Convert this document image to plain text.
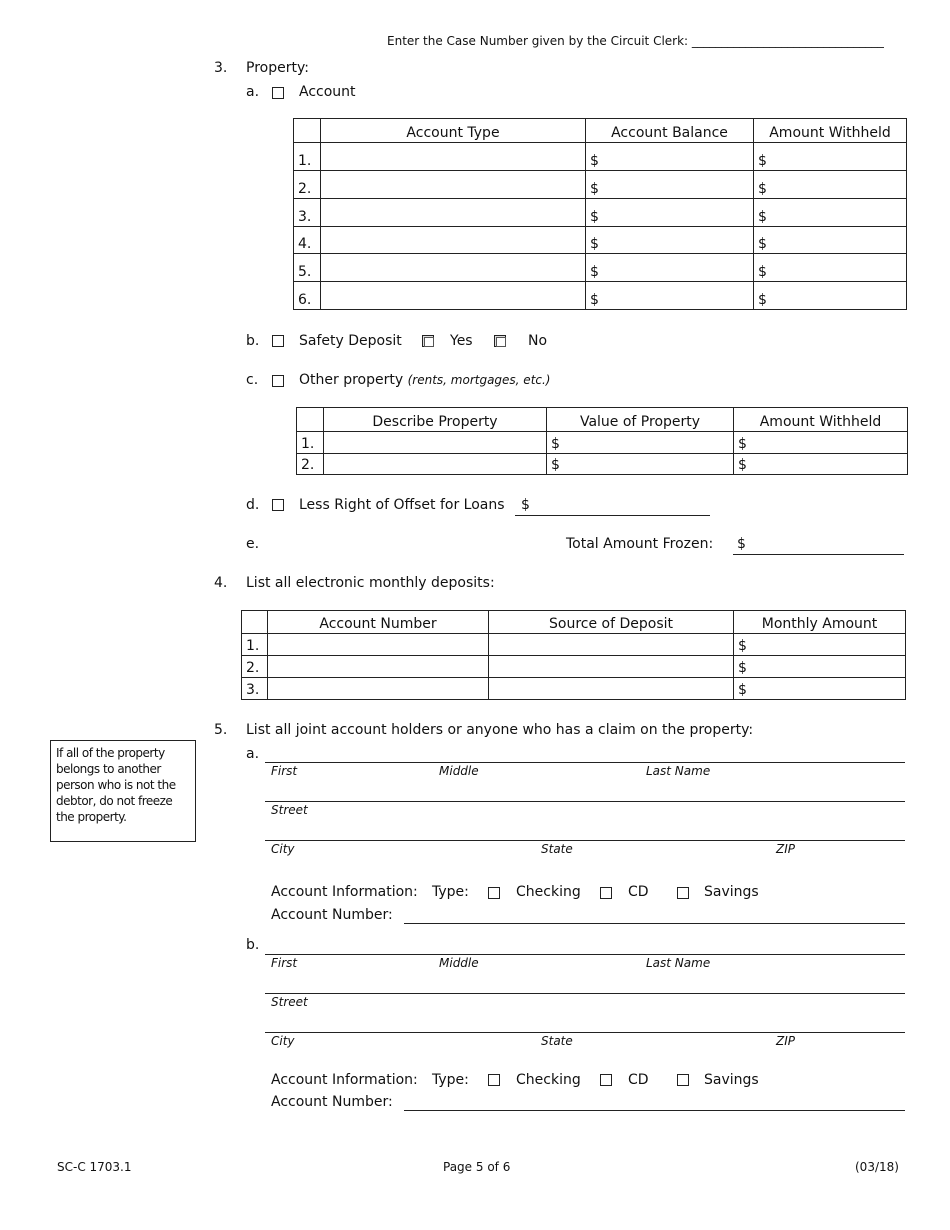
Enter the Case Number given by the Circuit Clerk: ________________________________
3. Property:
a.	Account
	Account Type	Account Balance	Amount Withheld
1.		$	$
2.		$	$
3.		$	$
4.		$	$
5.		$	$
6.		$	$
b.	Safety Deposit	Yes	No
c.	Other property (rents, mortgages, etc.)
	Describe Property	Value of Property	Amount Withheld
1.		$	$
2.		$	$
d.	Less Right of Offset for Loans $
e.	Total Amount Frozen: $
4. List all electronic monthly deposits:
	Account Number	Source of Deposit	Monthly Amount
1.			$
2.			$
3.			$
5. List all joint account holders or anyone who has a claim on the property:
If all of the property belongs to another person who is not the debtor, do not freeze the property.
a.
First	Middle	Last Name
Street
City	State	ZIP
Account Information: Type:	Checking	CD	Savings
Account Number:
b.
First	Middle	Last Name
Street
City	State	ZIP
Account Information: Type:	Checking	CD	Savings
Account Number:
SC-C 1703.1	Page 5 of 6	(03/18)
